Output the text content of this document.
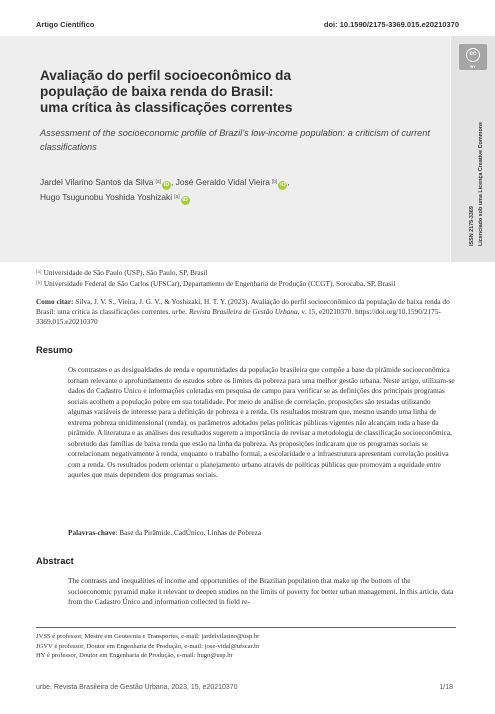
Artigo Científico	doi: 10.1590/2175-3369.015.e20210370
Avaliação do perfil socioeconômico da
população de baixa renda do Brasil:
uma crítica às classificações correntes
Assessment of the socioeconomic profile of Brazil’s low-income population: a criticism of current classifications
Jardel Vilarino Santos da Silva [a] iD , José Geraldo Vidal Vieira [b] iD ,
Hugo Tsugunobu Yoshida Yoshizaki [a] iD
cc
BY
ISSN 2175-3369 Licenciado sob uma Licença Creative Commons
[a] Universidade de São Paulo (USP), São Paulo, SP, Brasil
[b] Universidade Federal de São Carlos (UFSCar), Departamento de Engenharia de Produção (CCGT), Sorocaba, SP, Brasil
Como citar: Silva, J. V. S., Vieira, J. G. V., & Yoshizaki, H. T. Y. (2023). Avaliação do perfil socioeconômico da população de baixa renda do Brasil: uma crítica às classificações correntes. urbe. Revista Brasileira de Gestão Urbana, v. 15, e20210370. https://doi.org/10.1590/2175-3369.015.e20210370
Resumo
Os contrastes e as desigualdades de renda e oportunidades da população brasileira que compõe a base da pirâmide socioeconômica tornam relevante o aprofundamento de estudos sobre os limites da pobreza para uma melhor gestão urbana. Neste artigo, utilizam-se dados do Cadastro Único e informações coletadas em pesquisa de campo para verificar se as definições dos principais programas sociais acolhem a população pobre em sua totalidade. Por meio de análise de correlação, proposições são testadas utilizando algumas variáveis de interesse para a definição de pobreza e a renda. Os resultados mostram que, mesmo usando uma linha de extrema pobreza unidimensional (renda), os parâmetros adotados pelas políticas públicas vigentes não alcançam toda a base da pirâmide. A literatura e as análises dos resultados sugerem a importância de revisar a metodologia de classificação socioeconômica, sobretudo das famílias de baixa renda que estão na linha da pobreza. As proposições indicaram que os programas sociais se correlacionam negativamente à renda, enquanto o trabalho formal, a escolaridade e a infraestrutura apresentam correlação positiva com a renda. Os resultados podem orientar o planejamento urbano através de políticas públicas que promovam a equidade entre aqueles que mais dependem dos programas sociais.
Palavras-chave: Base da Pirâmide. CadÚnico. Linhas de Pobreza
Abstract
The contrasts and inequalities of income and opportunities of the Brazilian population that make up the bottom of the socioeconomic pyramid make it relevant to deepen studies on the limits of poverty for better urban management. In this article, data from the Cadastro Único and information collected in field re-
JVSS é professor, Mestre em Geotecnia e Transportes, e-mail: jardelvilarino@usp.br
JGVV é professor, Doutor em Engenharia de Produção, e-mail: jose-vidal@ufscar.br
HY é professor, Doutor em Engenharia de Produção, e-mail: hugo@usp.br
urbe. Revista Brasileira de Gestão Urbana, 2023, 15, e20210370	1/18
